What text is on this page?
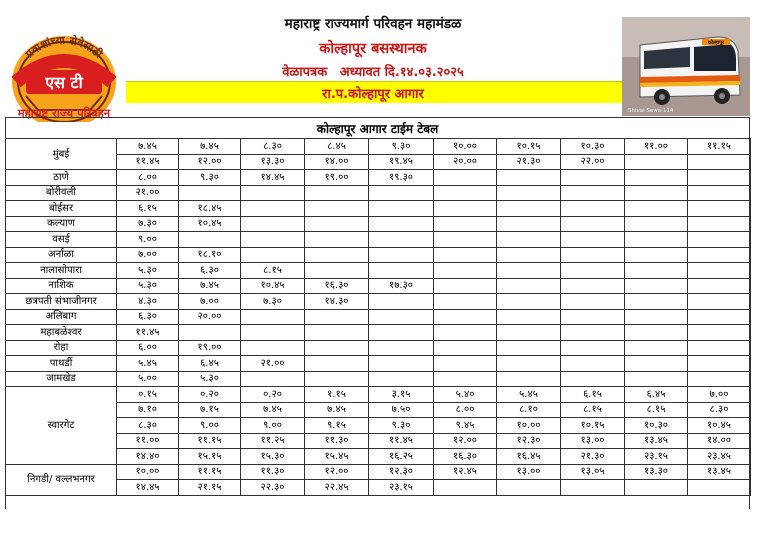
प्रवाशांच्या सेवेसाठी
एस टी
महाराष्ट्र राज्य परिवहन
महाराष्ट्र राज्यमार्ग परिवहन महामंडळ
कोल्हापूर बसस्थानक
वेळापत्रक अध्यावत दि.१४.०३.२०२५
रा.प.कोल्हापूर आगार
कोल्हापूर
Shivai Sewa 114
कोल्हापूर आगार टाईम टेबल
मुंबई	७.४५	७.४५	८.३०	८.४५	९.३०	१०.००	१०.१५	१०.३०	११.००	११.१५
	११.४५	१२.००	१३.३०	१४.००	१९.४५	२०.००	२१.३०	२२.००		
ठाणे	८.००	९.३०	१४.४५	१९.००	१९.३०					
बोरीवली	२१.००									
बोईसर	६.१५	१८.४५								
कल्याण	७.३०	१०.४५								
वसई	९.००									
अर्नाळा	७.००	१८.१०								
नालासोपारा	५.३०	६.३०	८.१५							
नाशिक	५.३०	७.४५	१०.४५	१६.३०	१७.३०					
छत्रपती संभाजीनगर	४.३०	७.००	७.३०	१४.३०						
अलिबाग	६.३०	२०.००								
महाबळेश्वर	११.४५									
रोहा	६.००	१९.००								
पाथर्डी	५.४५	६.४५	२१.००							
जामखेड	५.००	५.३०								
स्वारगेट	०.१५	०.२०	०.२०	१.१५	३.१५	५.४०	५.४५	६.१५	६.४५	७.००
	७.१०	७.१५	७.४५	७.४५	७.५०	८.००	८.१०	८.१५	८.१५	८.३०
	८.३०	९.००	९.००	९.१५	९.३०	९.४५	१०.००	१०.१५	१०.३०	१०.४५
	११.००	११.१५	११.२५	११.३०	११.४५	१२.००	१२.३०	१३.००	१३.४५	१४.००
	१४.४०	१५.१५	१५.३०	१५.४५	१६.२५	१६.३०	१६.४५	२१.३०	२३.१५	२३.४५
निगडी/ वल्लभनगर	१०.००	११.१५	११.३०	१२.००	१२.३०	१२.४५	१३.००	१३.०५	१३.३०	१३.४५
	१४.४५	२१.१५	२२.३०	२२.४५	२३.१५					
